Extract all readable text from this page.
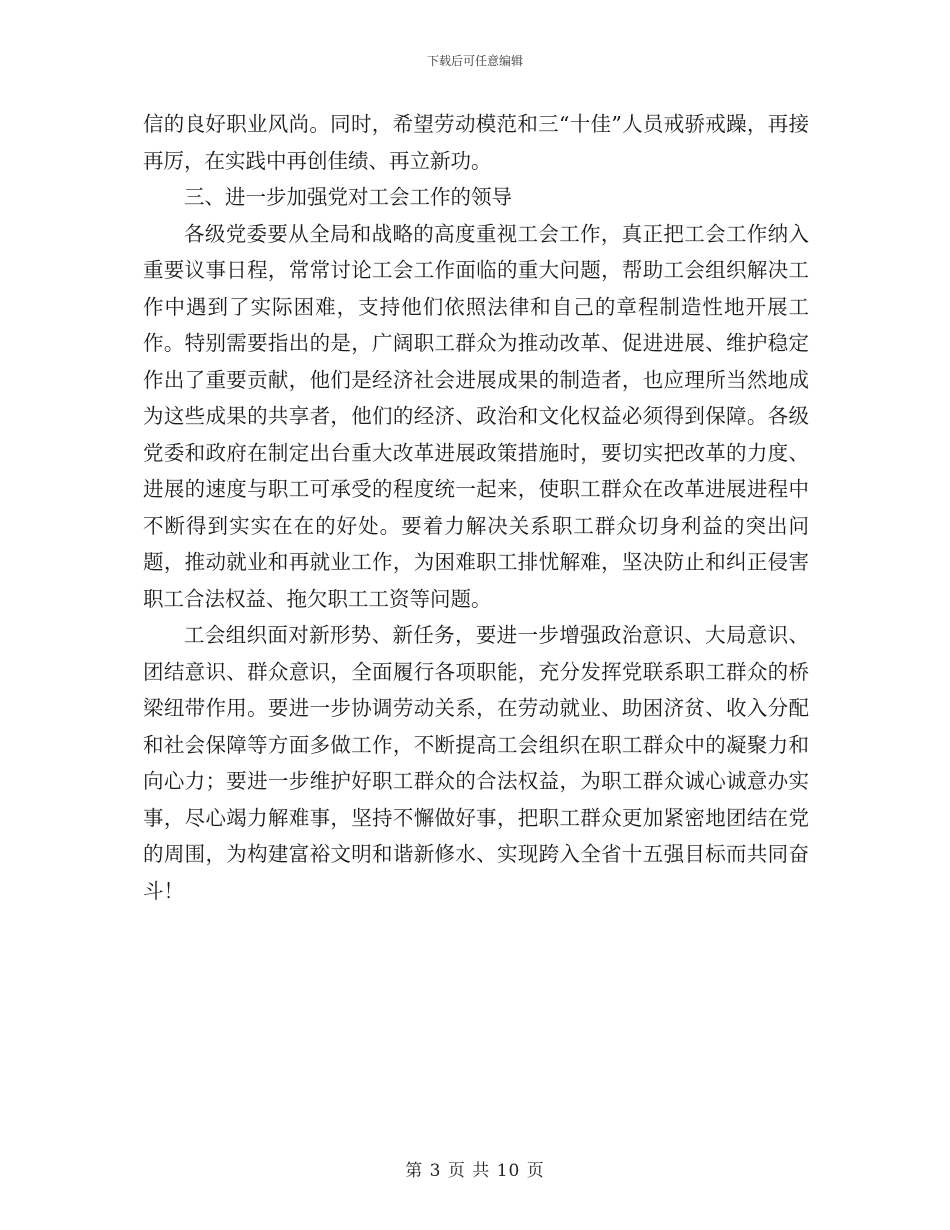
下载后可任意编辑

信的良好职业风尚。同时，希望劳动模范和三“十佳”人员戒骄戒躁，再接再厉，在实践中再创佳绩、再立新功。

三、进一步加强党对工会工作的领导

各级党委要从全局和战略的高度重视工会工作，真正把工会工作纳入重要议事日程，常常讨论工会工作面临的重大问题，帮助工会组织解决工作中遇到了实际困难，支持他们依照法律和自己的章程制造性地开展工作。特别需要指出的是，广阔职工群众为推动改革、促进进展、维护稳定作出了重要贡献，他们是经济社会进展成果的制造者，也应理所当然地成为这些成果的共享者，他们的经济、政治和文化权益必须得到保障。各级党委和政府在制定出台重大改革进展政策措施时，要切实把改革的力度、进展的速度与职工可承受的程度统一起来，使职工群众在改革进展进程中不断得到实实在在的好处。要着力解决关系职工群众切身利益的突出问题，推动就业和再就业工作，为困难职工排忧解难，坚决防止和纠正侵害职工合法权益、拖欠职工工资等问题。

工会组织面对新形势、新任务，要进一步增强政治意识、大局意识、团结意识、群众意识，全面履行各项职能，充分发挥党联系职工群众的桥梁纽带作用。要进一步协调劳动关系，在劳动就业、助困济贫、收入分配和社会保障等方面多做工作，不断提高工会组织在职工群众中的凝聚力和向心力；要进一步维护好职工群众的合法权益，为职工群众诚心诚意办实事，尽心竭力解难事，坚持不懈做好事，把职工群众更加紧密地团结在党的周围，为构建富裕文明和谐新修水、实现跨入全省十五强目标而共同奋斗！

第 3 页 共 10 页
